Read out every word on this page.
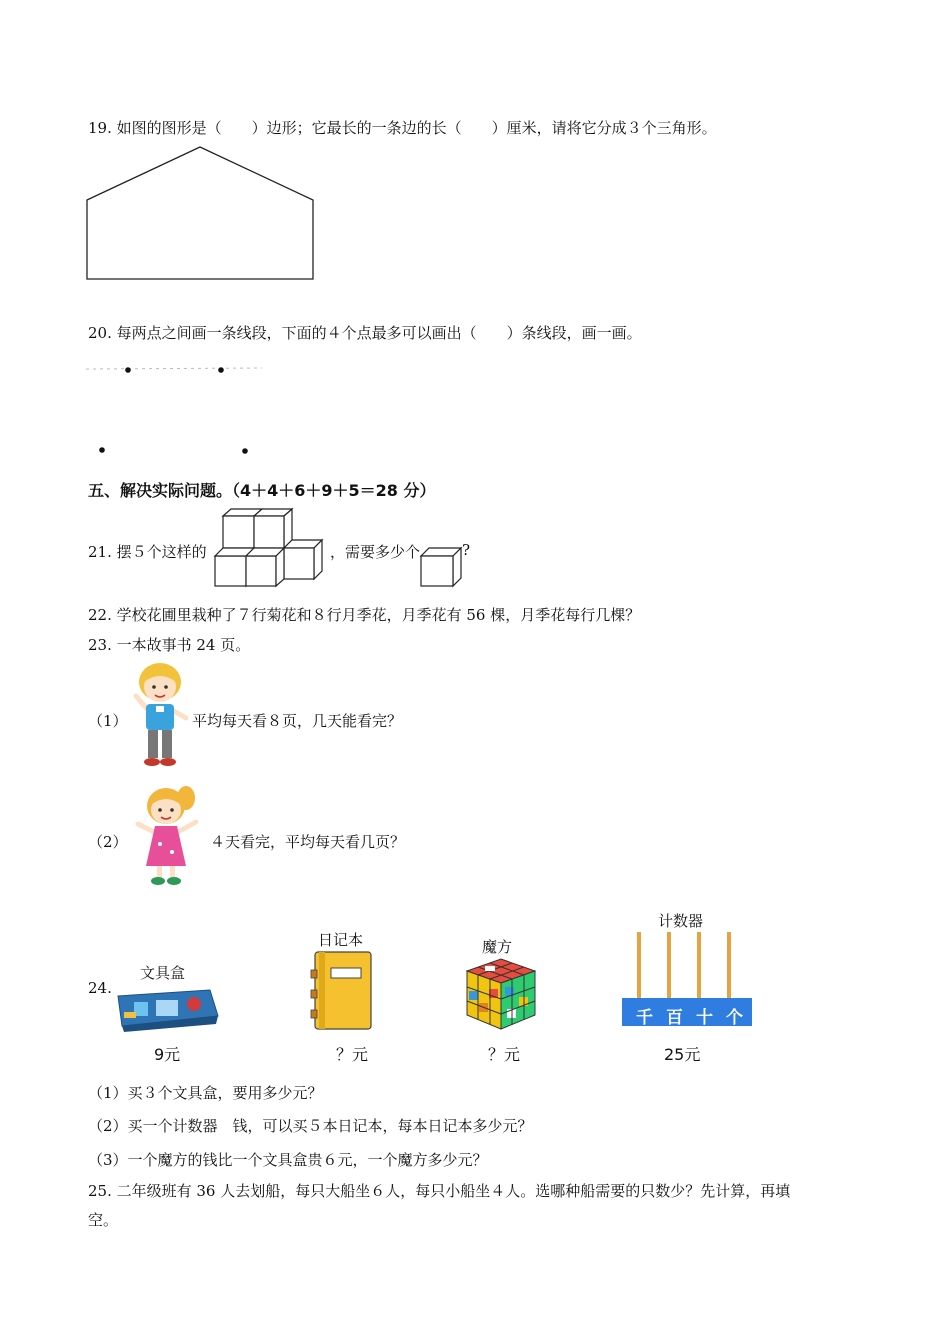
19. 如图的图形是（　　）边形；它最长的一条边的长（　　）厘米，请将它分成３个三角形。
20. 每两点之间画一条线段，下面的４个点最多可以画出（　　）条线段，画一画。
五、解决实际问题。（4＋4＋6＋9＋5＝28 分）
21. 摆５个这样的	，需要多少个	?
22. 学校花圃里栽种了７行菊花和８行月季花，月季花有 56 棵，月季花每行几棵？
23. 一本故事书 24 页。
（1）	平均每天看８页，几天能看完？
（2）	４天看完，平均每天看几页？
24.
文具盒
9元
日记本
？元
魔方
？元
计数器
千 百 十 个
25元
（1）买３个文具盒，要用多少元？
（2）买一个计数器　钱，可以买５本日记本，每本日记本多少元？
（3）一个魔方的钱比一个文具盒贵６元，一个魔方多少元？
25. 二年级班有 36 人去划船，每只大船坐６人，每只小船坐４人。选哪种船需要的只数少？先计算，再填
空。
